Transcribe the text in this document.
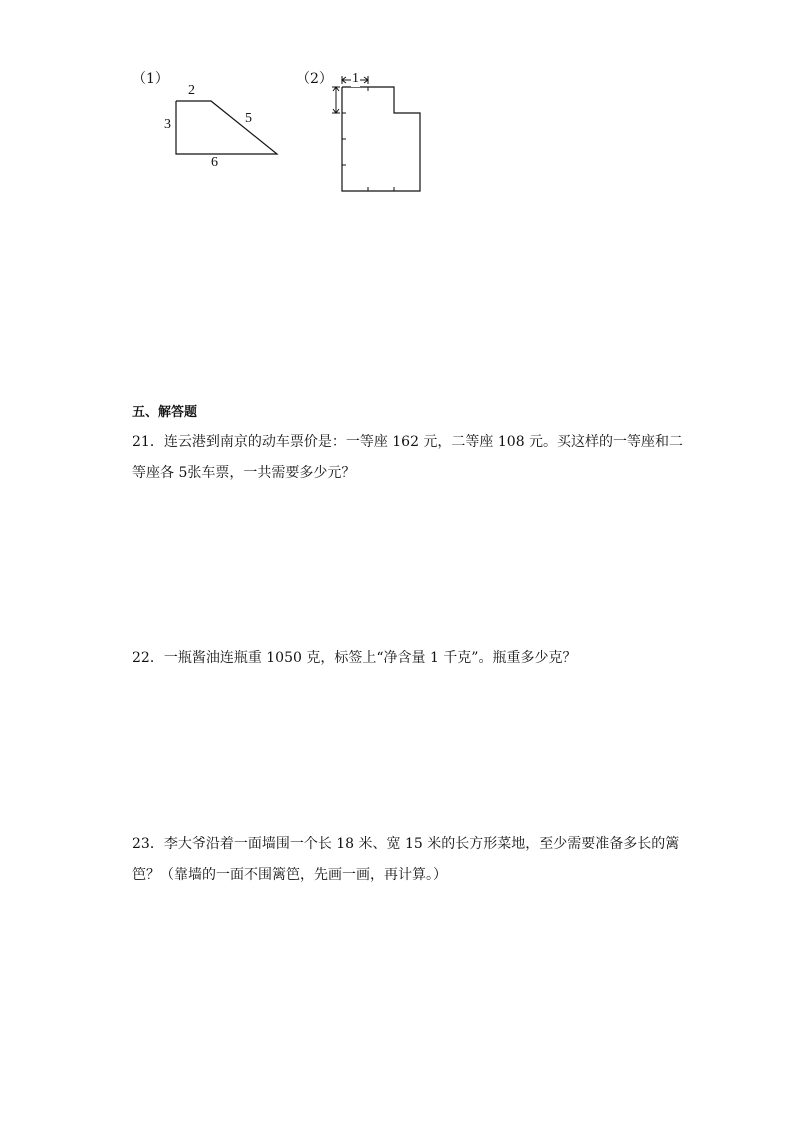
（1）
2
3	5
6
（2） 1
五、解答题
21．连云港到南京的动车票价是：一等座 162 元，二等座 108 元。买这样的一等座和二
等座各 5张车票，一共需要多少元？
22．一瓶酱油连瓶重 1050 克，标签上“净含量 1 千克”。瓶重多少克？
23．李大爷沿着一面墙围一个长 18 米、宽 15 米的长方形菜地，至少需要准备多长的篱
笆？（靠墙的一面不围篱笆，先画一画，再计算。）
